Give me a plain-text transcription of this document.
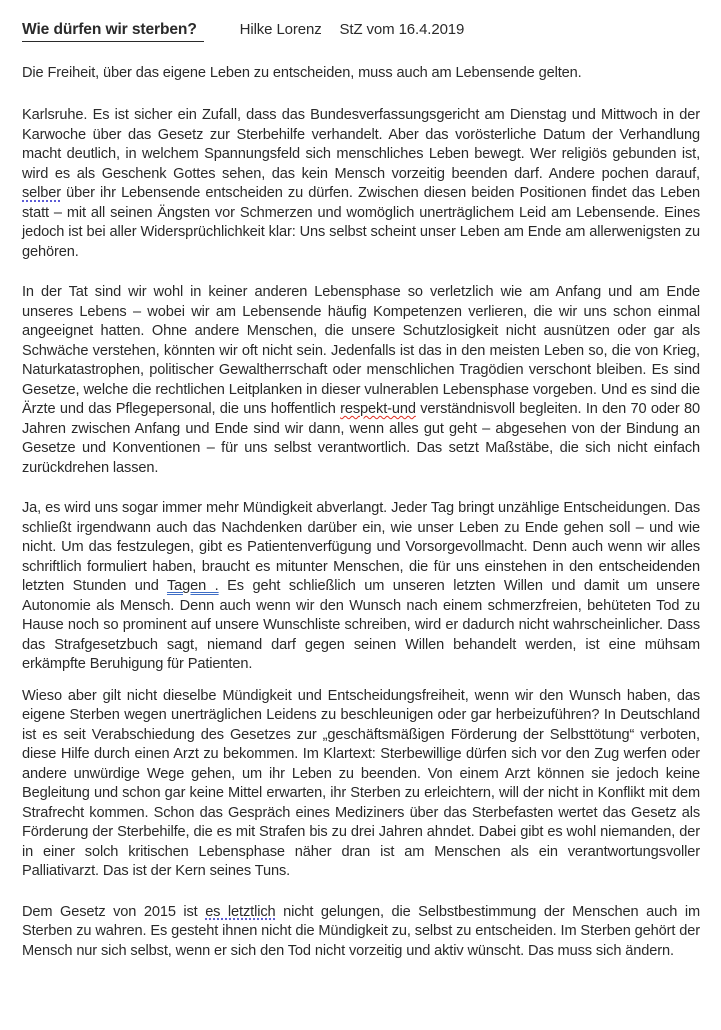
Wie dürfen wir sterben?	Hilke Lorenz StZ vom 16.4.2019

Die Freiheit, über das eigene Leben zu entscheiden, muss auch am Lebensende gelten.

Karlsruhe. Es ist sicher ein Zufall, dass das Bundesverfassungsgericht am Dienstag und Mittwoch in der Karwoche über das Gesetz zur Sterbehilfe verhandelt. Aber das vorösterliche Datum der Verhandlung macht deutlich, in welchem Spannungsfeld sich menschliches Leben bewegt. Wer religiös gebunden ist, wird es als Geschenk Gottes sehen, das kein Mensch vorzeitig beenden darf. Andere pochen darauf, selber über ihr Lebensende entscheiden zu dürfen. Zwischen diesen beiden Positionen findet das Leben statt – mit all seinen Ängsten vor Schmerzen und womöglich unerträglichem Leid am Lebensende. Eines jedoch ist bei aller Widersprüchlichkeit klar: Uns selbst scheint unser Leben am Ende am allerwenigsten zu gehören.

In der Tat sind wir wohl in keiner anderen Lebensphase so verletzlich wie am Anfang und am Ende unseres Lebens – wobei wir am Lebensende häufig Kompetenzen verlieren, die wir uns schon einmal angeeignet hatten. Ohne andere Menschen, die unsere Schutzlosigkeit nicht ausnützen oder gar als Schwäche verstehen, könnten wir oft nicht sein. Jedenfalls ist das in den meisten Leben so, die von Krieg, Naturkatastrophen, politischer Gewaltherrschaft oder menschlichen Tragödien verschont bleiben. Es sind Gesetze, welche die rechtlichen Leitplanken in dieser vulnerablen Lebensphase vorgeben. Und es sind die Ärzte und das Pflegepersonal, die uns hoffentlich respekt-und verständnisvoll begleiten. In den 70 oder 80 Jahren zwischen Anfang und Ende sind wir dann, wenn alles gut geht – abgesehen von der Bindung an Gesetze und Konventionen – für uns selbst verantwortlich. Das setzt Maßstäbe, die sich nicht einfach zurückdrehen lassen.

Ja, es wird uns sogar immer mehr Mündigkeit abverlangt. Jeder Tag bringt unzählige Entscheidungen. Das schließt irgendwann auch das Nachdenken darüber ein, wie unser Leben zu Ende gehen soll – und wie nicht. Um das festzulegen, gibt es Patientenverfügung und Vorsorgevollmacht. Denn auch wenn wir alles schriftlich formuliert haben, braucht es mitunter Menschen, die für uns einstehen in den entscheidenden letzten Stunden und Tagen . Es geht schließlich um unseren letzten Willen und damit um unsere Autonomie als Mensch. Denn auch wenn wir den Wunsch nach einem schmerzfreien, behüteten Tod zu Hause noch so prominent auf unsere Wunschliste schreiben, wird er dadurch nicht wahrscheinlicher. Dass das Strafgesetzbuch sagt, niemand darf gegen seinen Willen behandelt werden, ist eine mühsam erkämpfte Beruhigung für Patienten.

Wieso aber gilt nicht dieselbe Mündigkeit und Entscheidungsfreiheit, wenn wir den Wunsch haben, das eigene Sterben wegen unerträglichen Leidens zu beschleunigen oder gar herbeizuführen? In Deutschland ist es seit Verabschiedung des Gesetzes zur „geschäftsmäßigen Förderung der Selbsttötung“ verboten, diese Hilfe durch einen Arzt zu bekommen. Im Klartext: Sterbewillige dürfen sich vor den Zug werfen oder andere unwürdige Wege gehen, um ihr Leben zu beenden. Von einem Arzt können sie jedoch keine Begleitung und schon gar keine Mittel erwarten, ihr Sterben zu erleichtern, will der nicht in Konflikt mit dem Strafrecht kommen. Schon das Gespräch eines Mediziners über das Sterbefasten wertet das Gesetz als Förderung der Sterbehilfe, die es mit Strafen bis zu drei Jahren ahndet. Dabei gibt es wohl niemanden, der in einer solch kritischen Lebensphase näher dran ist am Menschen als ein verantwortungsvoller Palliativarzt. Das ist der Kern seines Tuns.

Dem Gesetz von 2015 ist es letztlich nicht gelungen, die Selbstbestimmung der Menschen auch im Sterben zu wahren. Es gesteht ihnen nicht die Mündigkeit zu, selbst zu entscheiden. Im Sterben gehört der Mensch nur sich selbst, wenn er sich den Tod nicht vorzeitig und aktiv wünscht. Das muss sich ändern.
